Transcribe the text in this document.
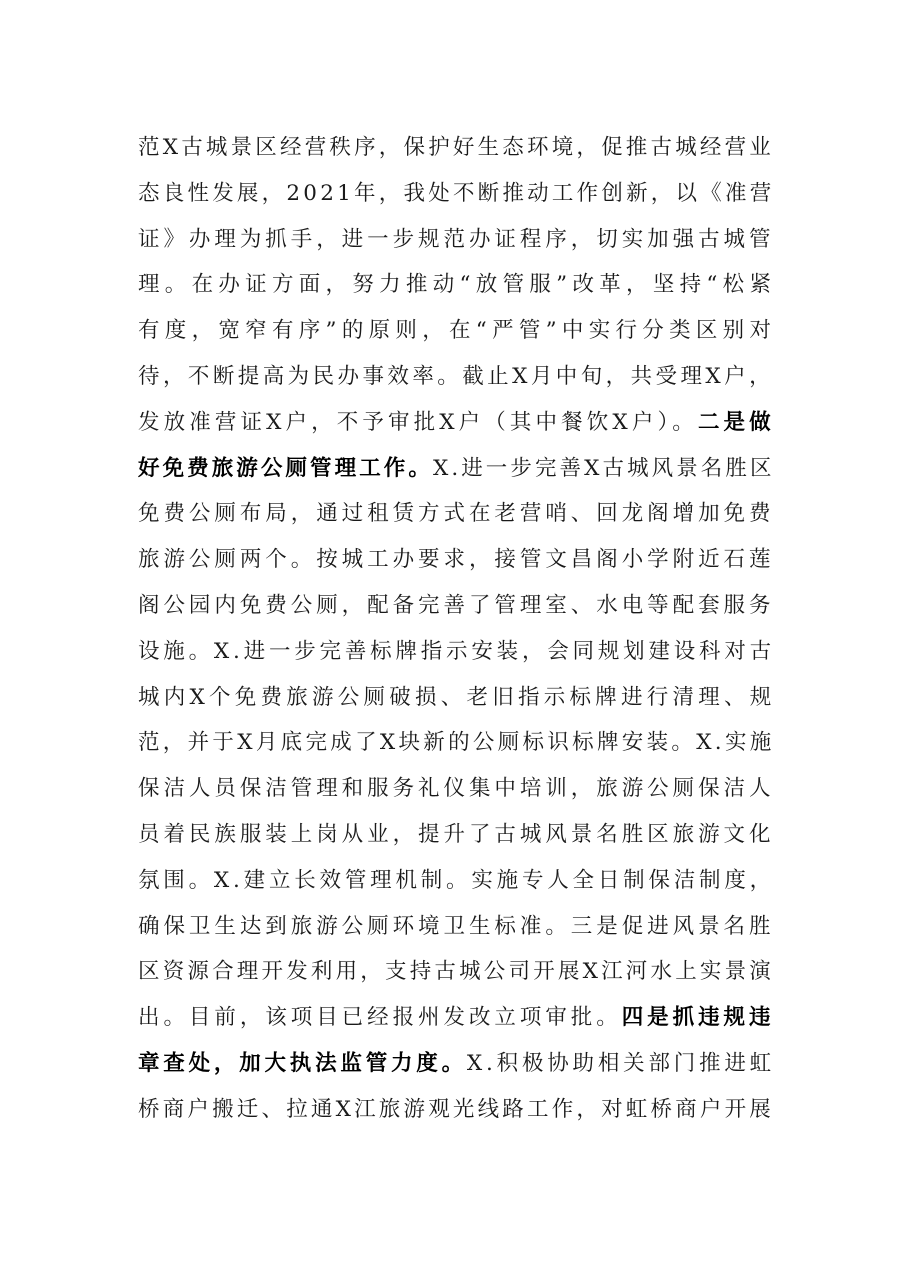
范X古城景区经营秩序，保护好生态环境，促推古城经营业
态良性发展，2021年，我处不断推动工作创新，以《准营
证》办理为抓手，进一步规范办证程序，切实加强古城管
理。在办证方面，努力推动“放管服”改革，坚持“松紧
有度，宽窄有序”的原则，在“严管”中实行分类区别对
待，不断提高为民办事效率。截止X月中旬，共受理X户，
发放准营证X户，不予审批X户（其中餐饮X户）。二是做
好免费旅游公厕管理工作。X.进一步完善X古城风景名胜区
免费公厕布局，通过租赁方式在老营哨、回龙阁增加免费
旅游公厕两个。按城工办要求，接管文昌阁小学附近石莲
阁公园内免费公厕，配备完善了管理室、水电等配套服务
设施。X.进一步完善标牌指示安装，会同规划建设科对古
城内X个免费旅游公厕破损、老旧指示标牌进行清理、规
范，并于X月底完成了X块新的公厕标识标牌安装。X.实施
保洁人员保洁管理和服务礼仪集中培训，旅游公厕保洁人
员着民族服装上岗从业，提升了古城风景名胜区旅游文化
氛围。X.建立长效管理机制。实施专人全日制保洁制度，
确保卫生达到旅游公厕环境卫生标准。三是促进风景名胜
区资源合理开发利用，支持古城公司开展X江河水上实景演
出。目前，该项目已经报州发改立项审批。四是抓违规违
章查处，加大执法监管力度。X.积极协助相关部门推进虹
桥商户搬迁、拉通X江旅游观光线路工作，对虹桥商户开展
